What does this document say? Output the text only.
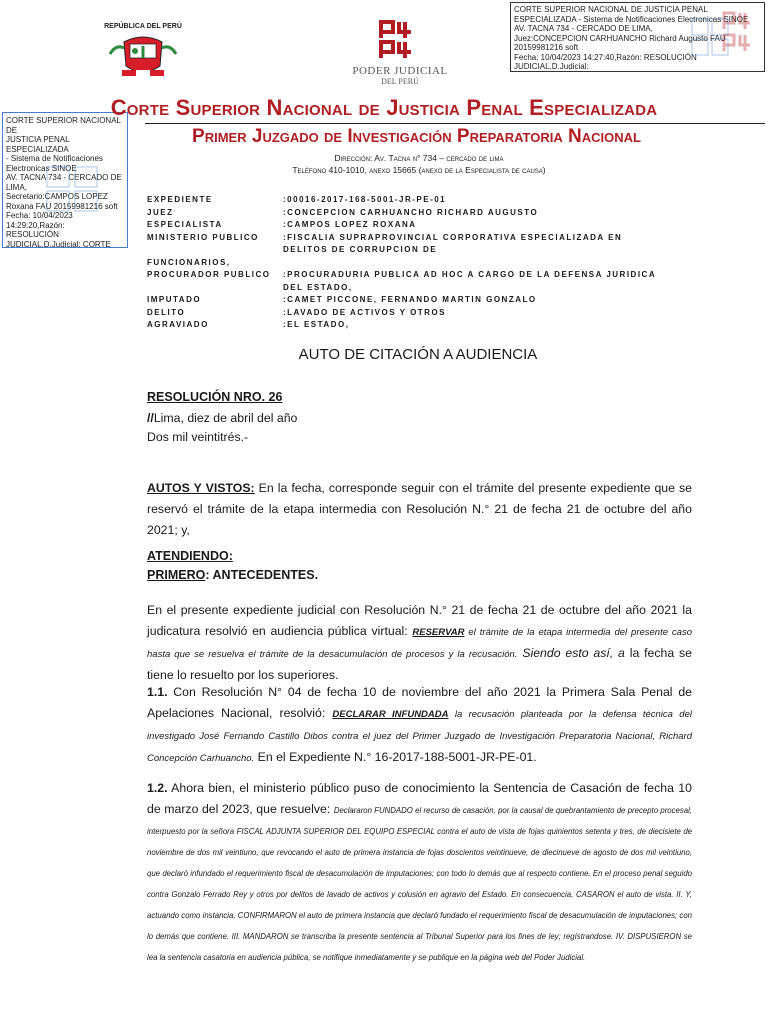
REPÚBLICA DEL PERÚ
PODER JUDICIAL
DEL PERÚ
CORTE SUPERIOR NACIONAL DE JUSTICIA PENAL
ESPECIALIZADA - Sistema de Notificaciones Electronicas SINOE
AV. TACNA 734 - CERCADO DE LIMA,
Juez:CONCEPCION CARHUANCHO Richard Augusto FAU
20159981216 soft
Fecha: 10/04/2023 14:27:40,Razón: RESOLUCIÓN JUDICIAL,D.Judicial:
CORTE SUPERIOR NACIONAL DE
JUSTICIA PENAL ESPECIALIZADA
- Sistema de Notificaciones
Electronicas SINOE
AV. TACNA 734 - CERCADO DE
LIMA,
Secretario:CAMPOS LOPEZ
Roxana FAU 20159981216 soft
Fecha: 10/04/2023 14:29:20,Razón:
RESOLUCIÓN
JUDICIAL,D.Judicial: CORTE
Corte Superior Nacional de Justicia Penal Especializada
Primer Juzgado de Investigación Preparatoria Nacional
Dirección: Av. Tacna n° 734 – cercado de lima
Teléfono 410-1010, anexo 15665 (anexo de la Especialista de causa)
EXPEDIENTE	:00016-2017-168-5001-JR-PE-01
JUEZ	:CONCEPCION CARHUANCHO RICHARD AUGUSTO
ESPECIALISTA	:CAMPOS LOPEZ ROXANA
MINISTERIO PUBLICO	:FISCALIA SUPRAPROVINCIAL CORPORATIVA ESPECIALIZADA EN DELITOS DE CORRUPCION DE
FUNCIONARIOS,
PROCURADOR PUBLICO	:PROCURADURIA PUBLICA AD HOC A CARGO DE LA DEFENSA JURIDICA DEL ESTADO,
IMPUTADO	:CAMET PICCONE, FERNANDO MARTIN GONZALO
DELITO	:LAVADO DE ACTIVOS Y OTROS
AGRAVIADO	:EL ESTADO,
AUTO DE CITACIÓN A AUDIENCIA
RESOLUCIÓN NRO. 26
//Lima, diez de abril del año
Dos mil veintitrés.-
AUTOS Y VISTOS: En la fecha, corresponde seguir con el trámite del presente expediente que se reservó el trámite de la etapa intermedia con Resolución N.° 21 de fecha 21 de octubre del año 2021; y,
ATENDIENDO:
PRIMERO: ANTECEDENTES.
En el presente expediente judicial con Resolución N.° 21 de fecha 21 de octubre del año 2021 la judicatura resolvió en audiencia pública virtual: RESERVAR el trámite de la etapa intermedia del presente caso hasta que se resuelva el trámite de la desacumulación de procesos y la recusación. Siendo esto así, a la fecha se tiene lo resuelto por los superiores.
1.1. Con Resolución N° 04 de fecha 10 de noviembre del año 2021 la Primera Sala Penal de Apelaciones Nacional, resolvió: DECLARAR INFUNDADA la recusación planteada por la defensa técnica del investigado José Fernando Castillo Dibos contra el juez del Primer Juzgado de Investigación Preparatoria Nacional, Richard Concepción Carhuancho. En el Expediente N.° 16-2017-188-5001-JR-PE-01.
1.2. Ahora bien, el ministerio público puso de conocimiento la Sentencia de Casación de fecha 10 de marzo del 2023, que resuelve: Declararon FUNDADO el recurso de casación, por la causal de quebrantamiento de precepto procesal, interpuesto por la señora FISCAL ADJUNTA SUPERIOR DEL EQUIPO ESPECIAL contra el auto de vista de fojas quinientos setenta y tres, de diecisiete de noviembre de dos mil veintiuno, que revocando el auto de primera instancia de fojas doscientos veintinueve, de diecinueve de agosto de dos mil veintiuno, que declaró infundado el requerimiento fiscal de desacumulación de imputaciones; con todo lo demás que al respecto contiene. En el proceso penal seguido contra Gonzalo Ferrado Rey y otros por delitos de lavado de activos y colusión en agravio del Estado. En consecuencia, CASARON el auto de vista. II. Y, actuando como instancia, CONFIRMARON el auto de primera instancia que declaró fundado el requerimiento fiscal de desacumulación de imputaciones; con lo demás que contiene. III. MANDARON se transcriba la presente sentencia al Tribunal Superior para los fines de ley; regístrandose. IV. DISPUSIERON se lea la sentencia casatoria en audiencia pública, se notifique inmediatamente y se publique en la página web del Poder Judicial.
